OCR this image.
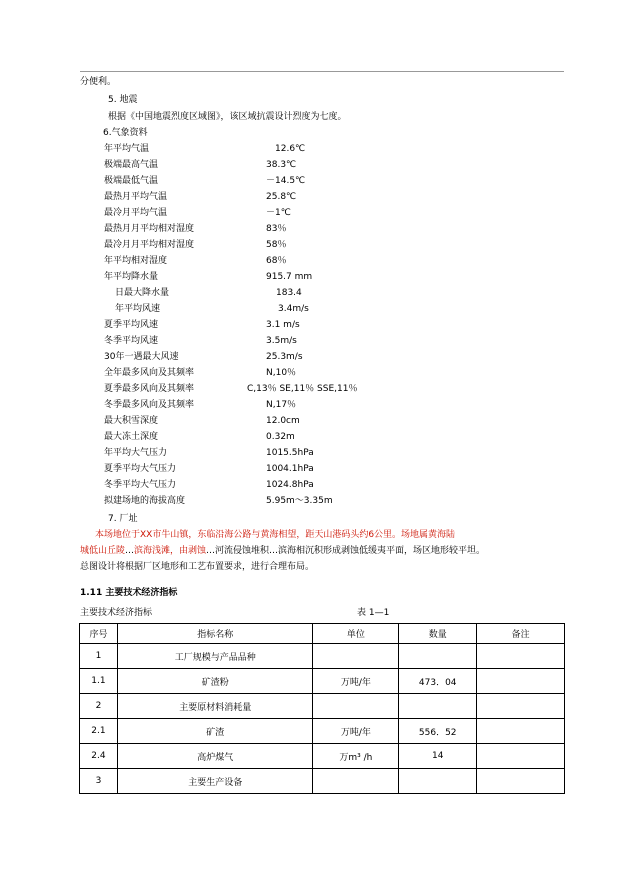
分便利。
5. 地震
根据《中国地震烈度区域图》，该区域抗震设计烈度为七度。
6.气象资料
年平均气温	12.6℃
极端最高气温	38.3℃
极端最低气温	－14.5℃
最热月平均气温	25.8℃
最冷月平均气温	－1℃
最热月月平均相对湿度	83％
最冷月月平均相对湿度	58％
年平均相对湿度	68％
年平均降水量	915.7 mm
日最大降水量	183.4
年平均风速	3.4m/s
夏季平均风速	3.1 m/s
冬季平均风速	3.5m/s
30年一遇最大风速	25.3m/s
全年最多风向及其频率	N,10％
夏季最多风向及其频率	C,13％ SE,11％ SSE,11％
冬季最多风向及其频率	N,17％
最大积雪深度	12.0cm
最大冻土深度	0.32m
年平均大气压力	1015.5hPa
夏季平均大气压力	1004.1hPa
冬季平均大气压力	1024.8hPa
拟建场地的海拔高度	5.95m～3.35m
7. 厂址
本场地位于XX市牛山镇，东临沿海公路与黄海相望，距天山港码头约6公里。场地属黄海陆
城低山丘陵…滨海浅滩，由剥蚀…河流侵蚀堆积…滨海相沉积形成剥蚀低缓夷平面，场区地形较平坦。
总图设计将根据厂区地形和工艺布置要求，进行合理布局。
1.11 主要技术经济指标
主要技术经济指标	表 1—1
序号	指标名称	单位	数量	备注
1	工厂规模与产品品种			
1.1	矿渣粉	万吨/年	473．04	
2	主要原材料消耗量			
2.1	矿渣	万吨/年	556．52	
2.4	高炉煤气	万m³ /h	14	
3	主要生产设备			
